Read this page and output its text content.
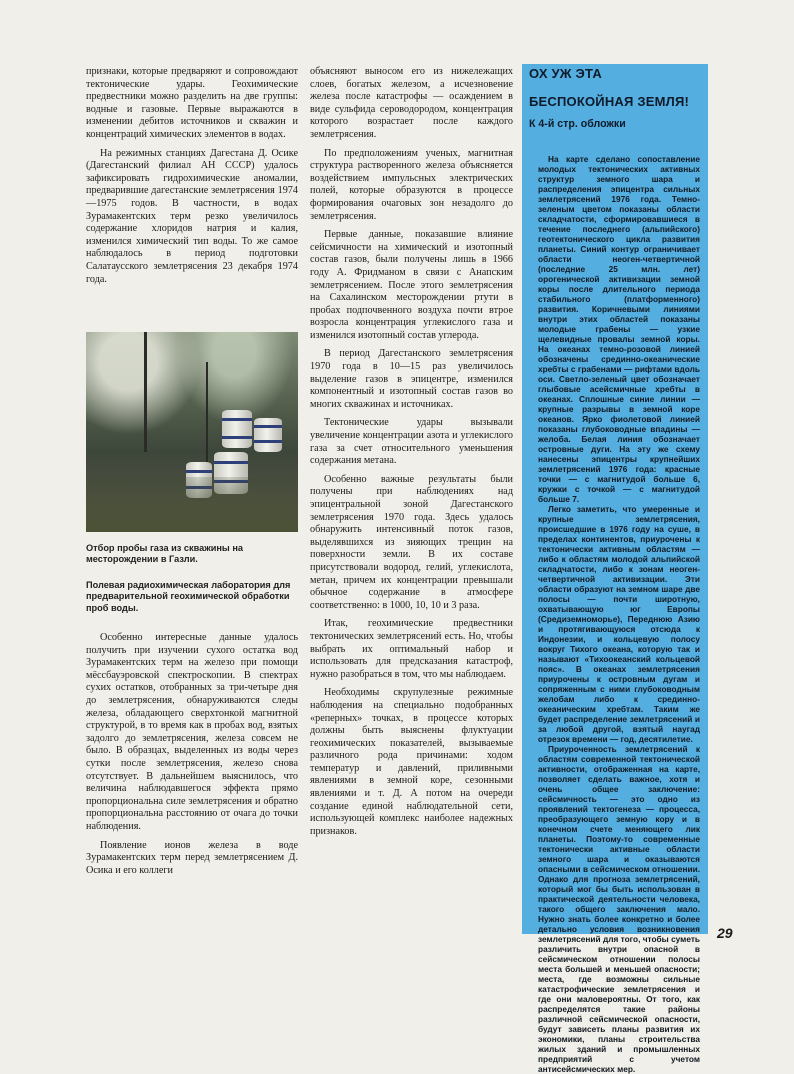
признаки, которые предваряют и сопровождают тектонические удары. Геохимические предвестники можно разделить на две группы: водные и газовые. Первые выражаются в изменении дебитов источников и скважин и концентраций химических элементов в водах.

На режимных станциях Дагестана Д. Осике (Дагестанский филиал АН СССР) удалось зафиксировать гидрохимические аномалии, предварившие дагестанские землетрясения 1974—1975 годов. В частности, в водах Зурамакентских терм резко увеличилось содержание хлоридов натрия и калия, изменился химический тип воды. То же самое наблюдалось в период подготовки Салатаусского землетрясения 23 декабря 1974 года.

Отбор пробы газа из скважины на месторождении в Газли.
Полевая радиохимическая лаборатория для предварительной геохимической обработки проб воды.

Особенно интересные данные удалось получить при изучении сухого остатка вод Зурамакентских терм на железо при помощи мёссбауэровской спектроскопии. В спектрах сухих остатков, отобранных за три-четыре дня до землетрясения, обнаруживаются следы железа, обладающего сверхтонкой магнитной структурой, в то время как в пробах вод, взятых задолго до землетрясения, железа совсем не было. В образцах, выделенных из воды через сутки после землетрясения, железо снова отсутствует. В дальнейшем выяснилось, что величина наблюдавшегося эффекта прямо пропорциональна силе землетрясения и обратно пропорциональна расстоянию от очага до точки наблюдения.

Появление ионов железа в воде Зурамакентских терм перед землетрясением Д. Осика и его коллеги

объясняют выносом его из нижележащих слоев, богатых железом, а исчезновение железа после катастрофы — осаждением в виде сульфида сероводородом, концентрация которого возрастает после каждого землетрясения.

По предположениям ученых, магнитная структура растворенного железа объясняется воздействием импульсных электрических полей, которые образуются в процессе формирования очаговых зон незадолго до землетрясения.

Первые данные, показавшие влияние сейсмичности на химический и изотопный состав газов, были получены лишь в 1966 году А. Фридманом в связи с Анапским землетрясением. После этого землетрясения на Сахалинском месторождении ртути в пробах подпочвенного воздуха почти втрое возросла концентрация углекислого газа и изменился изотопный состав углерода.

В период Дагестанского землетрясения 1970 года в 10—15 раз увеличилось выделение газов в эпицентре, изменился компонентный и изотопный состав газов во многих скважинах и источниках.

Тектонические удары вызывали увеличение концентрации азота и углекислого газа за счет относительного уменьшения содержания метана.

Особенно важные результаты были получены при наблюдениях над эпицентральной зоной Дагестанского землетрясения 1970 года. Здесь удалось обнаружить интенсивный поток газов, выделявшихся из зияющих трещин на поверхности земли. В их составе присутствовали водород, гелий, углекислота, метан, причем их концентрации превышали обычное содержание в атмосфере соответственно: в 1000, 10, 10 и 3 раза.

Итак, геохимические предвестники тектонических землетрясений есть. Но, чтобы выбрать их оптимальный набор и использовать для предсказания катастроф, нужно разобраться в том, что мы наблюдаем.

Необходимы скрупулезные режимные наблюдения на специально подобранных «реперных» точках, в процессе которых должны быть выяснены флуктуации геохимических показателей, вызываемые различного рода причинами: ходом температур и давлений, приливными явлениями в земной коре, сезонными явлениями и т. Д. А потом на очереди создание единой наблюдательной сети, использующей комплекс наиболее надежных признаков.

ОХ УЖ ЭТА
БЕСПОКОЙНАЯ ЗЕМЛЯ!
К 4-й стр. обложки

На карте сделано сопоставление молодых тектонических активных структур земного шара и распределения эпицентра сильных землетрясений 1976 года. Темно-зеленым цветом показаны области складчатости, сформировавшиеся в течение последнего (альпийского) геотектонического цикла развития планеты. Синий контур ограничивает области неоген-четвертичной (последние 25 млн. лет) орогенической активизации земной коры после длительного периода стабильного (платформенного) развития. Коричневыми линиями внутри этих областей показаны молодые грабены — узкие щелевидные провалы земной коры. На океанах темно-розовой линией обозначены срединно-океанические хребты с грабенами — рифтами вдоль оси. Светло-зеленый цвет обозначает глыбовые асейсмичные хребты в океанах. Сплошные синие линии — крупные разрывы в земной коре океанов. Ярко фиолетовой линией показаны глубоководные впадины — желоба. Белая линия обозначает островные дуги. На эту же схему нанесены эпицентры крупнейших землетрясений 1976 года: красные точки — с магнитудой больше 6, кружки с точкой — с магнитудой больше 7.

Легко заметить, что умеренные и крупные землетрясения, происшедшие в 1976 году на суше, в пределах континентов, приурочены к тектонически активным областям — либо к областям молодой альпийской складчатости, либо к зонам неоген-четвертичной активизации. Эти области образуют на земном шаре две полосы — почти широтную, охватывающую юг Европы (Средиземноморье), Переднюю Азию и протягивающуюся отсюда к Индонезии, и кольцевую полосу вокруг Тихого океана, которую так и называют «Тихоокеанский кольцевой пояс». В океанах землетрясения приурочены к островным дугам и сопряженным с ними глубоководным желобам либо к срединно-океаническим хребтам. Таким же будет распределение землетрясений и за любой другой, взятый наугад отрезок времени — год, десятилетие.

Приуроченность землетрясений к областям современной тектонической активности, отображенная на карте, позволяет сделать важное, хотя и очень общее заключение: сейсмичность — это одно из проявлений тектогенеза — процесса, преобразующего земную кору и в конечном счете меняющего лик планеты. Поэтому-то современные тектонически активные области земного шара и оказываются опасными в сейсмическом отношении. Однако для прогноза землетрясений, который мог бы быть использован в практической деятельности человека, такого общего заключения мало. Нужно знать более конкретно и более детально условия возникновения землетрясений для того, чтобы суметь различить внутри опасной в сейсмическом отношении полосы места большей и меньшей опасности; места, где возможны сильные катастрофические землетрясения и где они маловероятны. От того, как распределятся такие районы различной сейсмической опасности, будут зависеть планы развития их экономики, планы строительства жилых зданий и промышленных предприятий с учетом антисейсмических мер.

29
